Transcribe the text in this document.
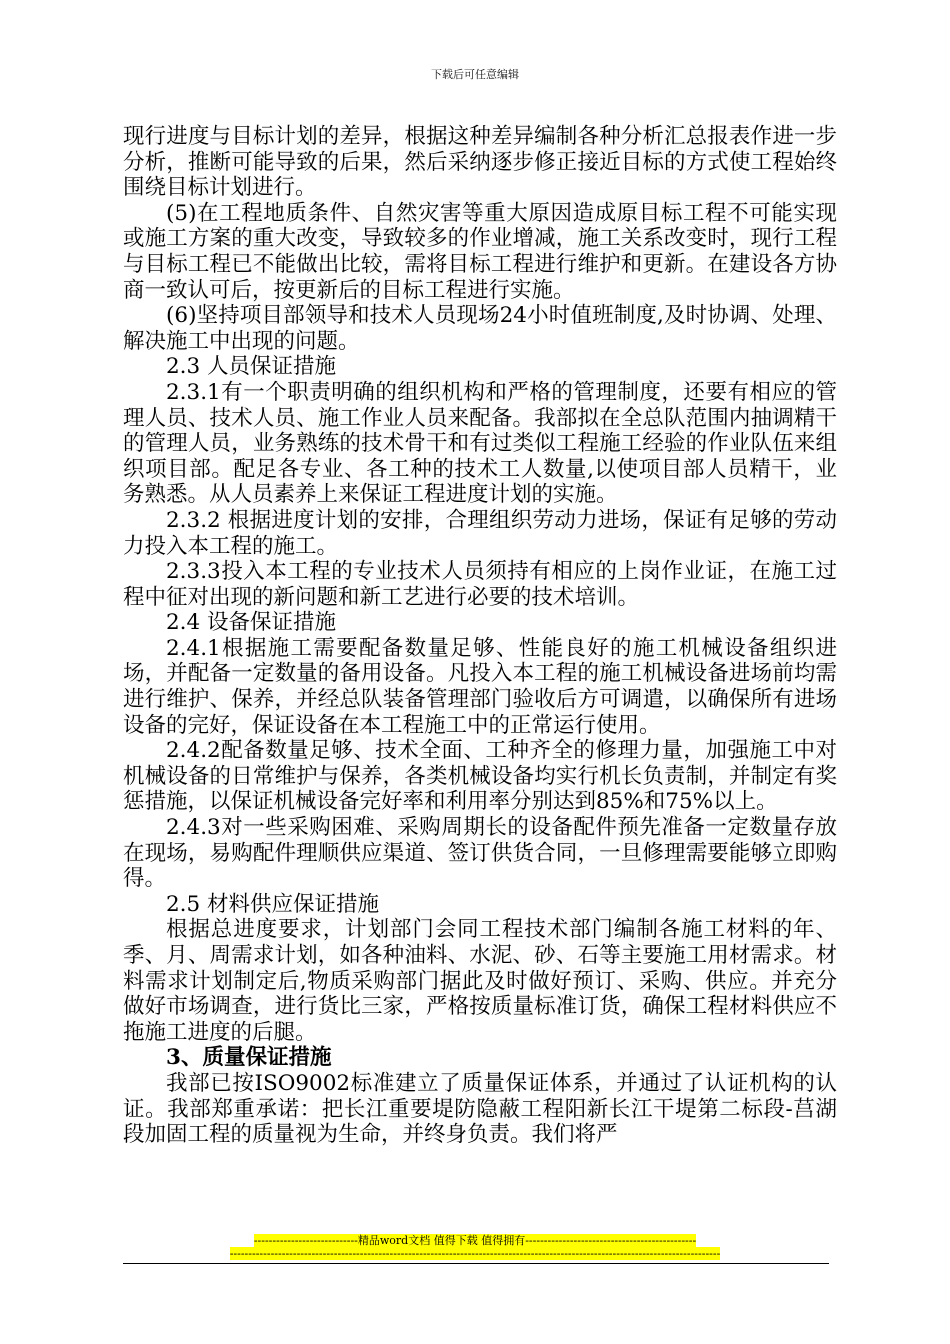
下载后可任意编辑

现行进度与目标计划的差异，根据这种差异编制各种分析汇总报表作进一步分析，推断可能导致的后果，然后采纳逐步修正接近目标的方式使工程始终围绕目标计划进行。

(5)在工程地质条件、自然灾害等重大原因造成原目标工程不可能实现或施工方案的重大改变，导致较多的作业增减，施工关系改变时，现行工程与目标工程已不能做出比较，需将目标工程进行维护和更新。在建设各方协商一致认可后，按更新后的目标工程进行实施。

(6)坚持项目部领导和技术人员现场24小时值班制度,及时协调、处理、解决施工中出现的问题。

2.3 人员保证措施

2.3.1有一个职责明确的组织机构和严格的管理制度，还要有相应的管理人员、技术人员、施工作业人员来配备。我部拟在全总队范围内抽调精干的管理人员，业务熟练的技术骨干和有过类似工程施工经验的作业队伍来组织项目部。配足各专业、各工种的技术工人数量,以使项目部人员精干，业务熟悉。从人员素养上来保证工程进度计划的实施。

2.3.2 根据进度计划的安排，合理组织劳动力进场，保证有足够的劳动力投入本工程的施工。

2.3.3投入本工程的专业技术人员须持有相应的上岗作业证，在施工过程中征对出现的新问题和新工艺进行必要的技术培训。

2.4 设备保证措施

2.4.1根据施工需要配备数量足够、性能良好的施工机械设备组织进场，并配备一定数量的备用设备。凡投入本工程的施工机械设备进场前均需进行维护、保养，并经总队装备管理部门验收后方可调遣，以确保所有进场设备的完好，保证设备在本工程施工中的正常运行使用。

2.4.2配备数量足够、技术全面、工种齐全的修理力量，加强施工中对机械设备的日常维护与保养，各类机械设备均实行机长负责制，并制定有奖惩措施，以保证机械设备完好率和利用率分别达到85%和75%以上。

2.4.3对一些采购困难、采购周期长的设备配件预先准备一定数量存放在现场，易购配件理顺供应渠道、签订供货合同，一旦修理需要能够立即购得。

2.5 材料供应保证措施

根据总进度要求，计划部门会同工程技术部门编制各施工材料的年、季、月、周需求计划，如各种油料、水泥、砂、石等主要施工用材需求。材料需求计划制定后,物质采购部门据此及时做好预订、采购、供应。并充分做好市场调查，进行货比三家，严格按质量标准订货，确保工程材料供应不拖施工进度的后腿。

3、质量保证措施

我部已按ISO9002标准建立了质量保证体系，并通过了认证机构的认证。我部郑重承诺：把长江重要堤防隐蔽工程阳新长江干堤第二标段-莒湖段加固工程的质量视为生命，并终身负责。我们将严

----------------------------精品word文档 值得下载 值得拥有----------------------------------------------
------------------------------------------------------------------------------------------------------------------------------------
